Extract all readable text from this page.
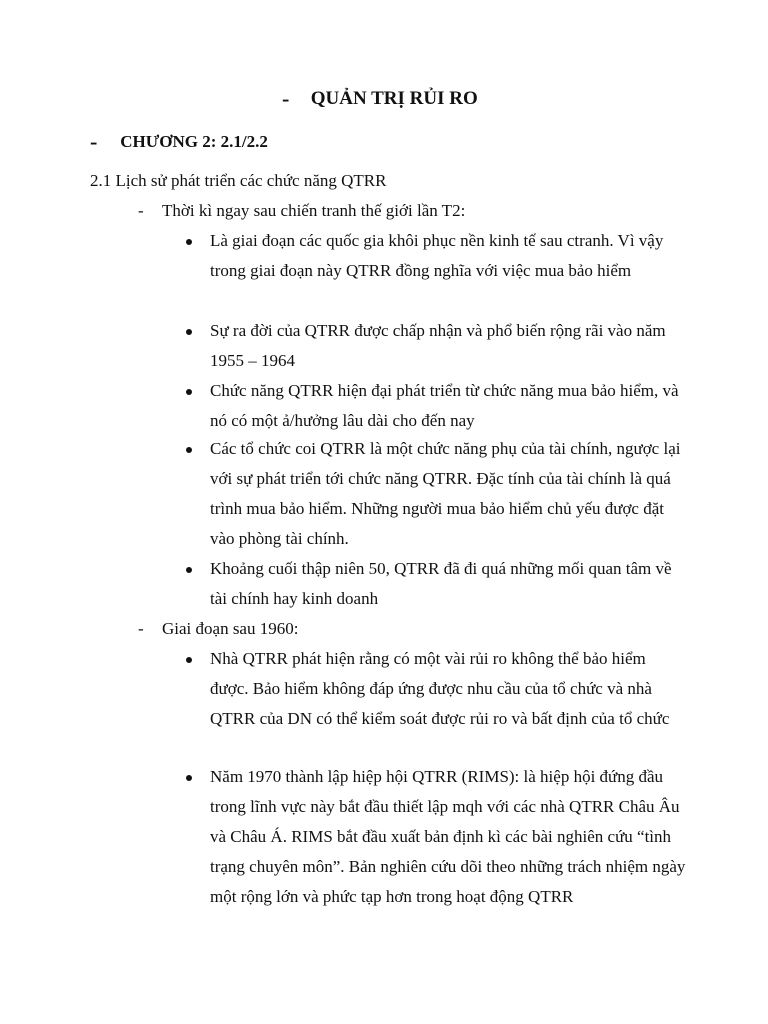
- QUẢN TRỊ RỦI RO
- CHƯƠNG 2: 2.1/2.2
2.1 Lịch sử phát triển các chức năng QTRR
- Thời kì ngay sau chiến tranh thế giới lần T2:
Là giai đoạn các quốc gia khôi phục nền kinh tế sau ctranh. Vì vậy trong giai đoạn này QTRR đồng nghĩa với việc mua bảo hiểm
Sự ra đời của QTRR được chấp nhận và phổ biến rộng rãi vào năm 1955 – 1964
Chức năng QTRR hiện đại phát triển từ chức năng mua bảo hiểm, và nó có một ả/hưởng lâu dài cho đến nay
Các tổ chức coi QTRR là một chức năng phụ của tài chính, ngược lại với sự phát triển tới chức năng QTRR. Đặc tính của tài chính là quá trình mua bảo hiểm. Những người mua bảo hiểm chủ yếu được đặt vào phòng tài chính.
Khoảng cuối thập niên 50, QTRR đã đi quá những mối quan tâm về tài chính hay kinh doanh
- Giai đoạn sau 1960:
Nhà QTRR phát hiện rằng có một vài rủi ro không thể bảo hiểm được. Bảo hiểm không đáp ứng được nhu cầu của tổ chức và nhà QTRR của DN có thể kiểm soát được rủi ro và bất định của tổ chức
Năm 1970 thành lập hiệp hội QTRR (RIMS): là hiệp hội đứng đầu trong lĩnh vực này bắt đầu thiết lập mqh với các nhà QTRR Châu Âu và Châu Á. RIMS bắt đầu xuất bản định kì các bài nghiên cứu “tình trạng chuyên môn”. Bản nghiên cứu dõi theo những trách nhiệm ngày một rộng lớn và phức tạp hơn trong hoạt động QTRR
